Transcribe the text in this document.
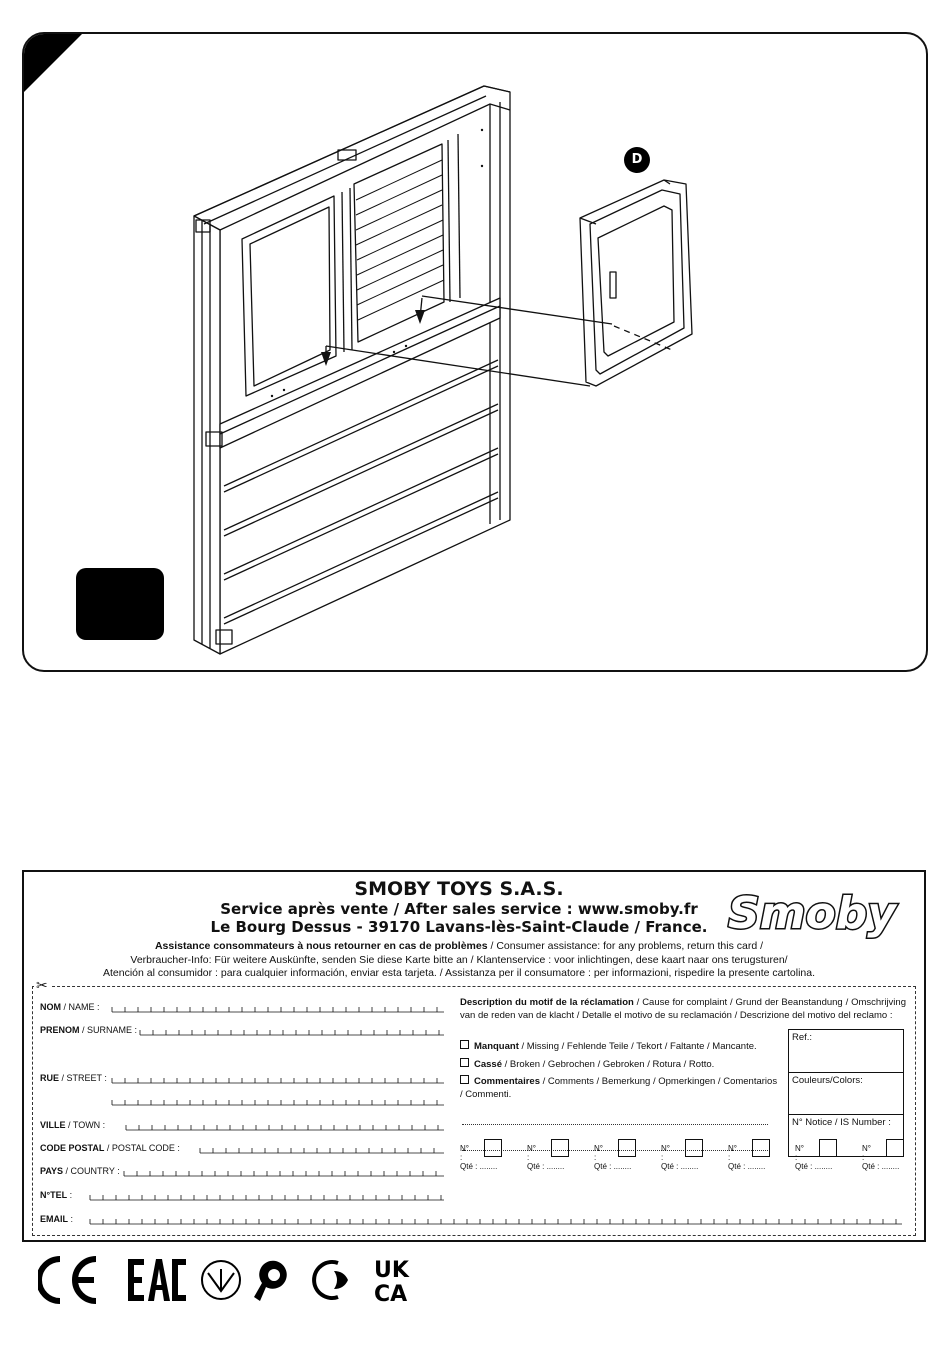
D
SMOBY TOYS S.A.S.
Service après vente / After sales service : www.smoby.fr
Le Bourg Dessus - 39170 Lavans-lès-Saint-Claude / France. Smoby
Assistance consommateurs à nous retourner en cas de problèmes / Consumer assistance: for any problems, return this card /
Verbraucher-Info: Für weitere Auskünfte, senden Sie diese Karte bitte an / Klantenservice : voor inlichtingen, dese kaart naar ons terugsturen/
Atención al consumidor : para cualquier información, enviar esta tarjeta. / Assistanza per il consumatore : per informazioni, rispedire la presente cartolina.
✂
NOM / NAME :
PRENOM / SURNAME :
RUE / STREET :
VILLE / TOWN :
CODE POSTAL / POSTAL CODE :
PAYS / COUNTRY :
N°TEL :
EMAIL :
Description du motif de la réclamation / Cause for complaint / Grund der Beanstandung / Omschrijving van de reden van de klacht / Detalle el motivo de su reclamación / Descrizione del motivo del reclamo :
Manquant / Missing / Fehlende Teile / Tekort / Faltante / Mancante.
Cassé / Broken / Gebrochen / Gebroken / Rotura / Rotto.
Commentaires / Comments / Bemerkung / Opmerkingen / Comentarios / Commenti.
Ref.:
Couleurs/Colors:
N° Notice / IS Number :
N° :
Qté : ........
N° :
Qté : ........
N° :
Qté : ........
N° :
Qté : ........
N° :
Qté : ........
N° :
Qté : ........
N° :
Qté : ........
UK
CA
